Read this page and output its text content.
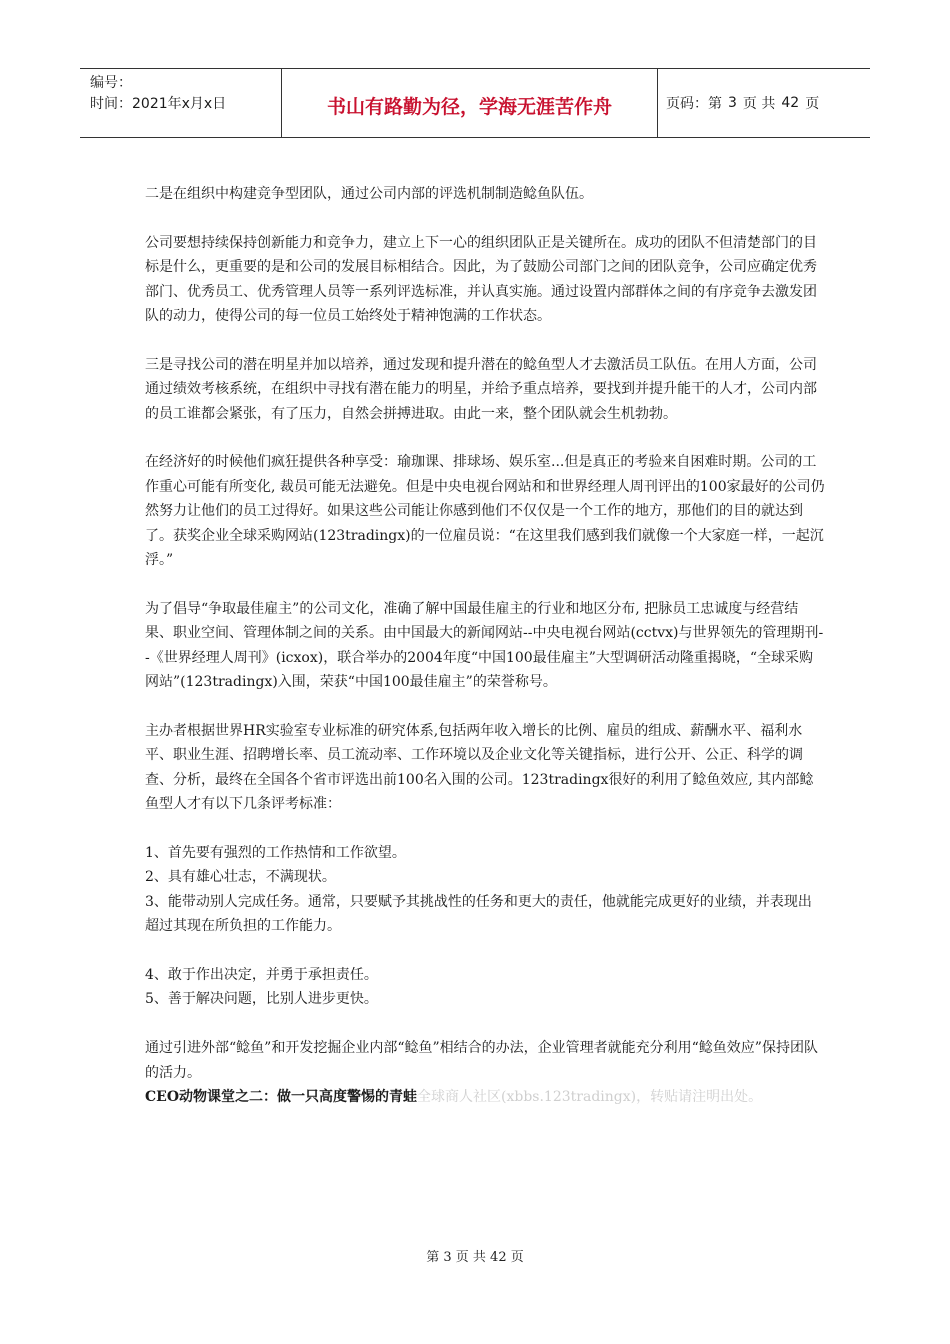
编号：
时间：2021年x月x日	书山有路勤为径，学海无涯苦作舟	页码：第 3 页 共 42 页

二是在组织中构建竞争型团队，通过公司内部的评选机制制造鲶鱼队伍。

公司要想持续保持创新能力和竞争力，建立上下一心的组织团队正是关键所在。成功的团队不但清楚部门的目标是什么，更重要的是和公司的发展目标相结合。因此，为了鼓励公司部门之间的团队竞争，公司应确定优秀部门、优秀员工、优秀管理人员等一系列评选标准，并认真实施。通过设置内部群体之间的有序竞争去激发团队的动力，使得公司的每一位员工始终处于精神饱满的工作状态。

三是寻找公司的潜在明星并加以培养，通过发现和提升潜在的鲶鱼型人才去激活员工队伍。在用人方面，公司通过绩效考核系统，在组织中寻找有潜在能力的明星，并给予重点培养，要找到并提升能干的人才，公司内部的员工谁都会紧张，有了压力，自然会拼搏进取。由此一来，整个团队就会生机勃勃。

在经济好的时候他们疯狂提供各种享受：瑜珈课、排球场、娱乐室...但是真正的考验来自困难时期。公司的工作重心可能有所变化, 裁员可能无法避免。但是中央电视台网站和和世界经理人周刊评出的100家最好的公司仍然努力让他们的员工过得好。如果这些公司能让你感到他们不仅仅是一个工作的地方，那他们的目的就达到了。获奖企业全球采购网站(123tradingx)的一位雇员说：“在这里我们感到我们就像一个大家庭一样，一起沉浮。”

为了倡导“争取最佳雇主”的公司文化，准确了解中国最佳雇主的行业和地区分布, 把脉员工忠诚度与经营结果、职业空间、管理体制之间的关系。由中国最大的新闻网站--中央电视台网站(cctvx)与世界领先的管理期刊--《世界经理人周刊》(icxox)，联合举办的2004年度“中国100最佳雇主”大型调研活动隆重揭晓，“全球采购网站”(123tradingx)入围，荣获“中国100最佳雇主”的荣誉称号。

主办者根据世界HR实验室专业标准的研究体系,包括两年收入增长的比例、雇员的组成、薪酬水平、福利水平、职业生涯、招聘增长率、员工流动率、工作环境以及企业文化等关键指标，进行公开、公正、科学的调查、分析，最终在全国各个省市评选出前100名入围的公司。123tradingx很好的利用了鲶鱼效应, 其内部鲶鱼型人才有以下几条评考标准：

1、首先要有强烈的工作热情和工作欲望。

2、具有雄心壮志，不满现状。

3、能带动别人完成任务。通常，只要赋予其挑战性的任务和更大的责任，他就能完成更好的业绩，并表现出超过其现在所负担的工作能力。

4、敢于作出决定，并勇于承担责任。

5、善于解决问题，比别人进步更快。

通过引进外部“鲶鱼”和开发挖掘企业内部“鲶鱼”相结合的办法，企业管理者就能充分利用“鲶鱼效应”保持团队的活力。

CEO动物课堂之二：做一只高度警惕的青蛙全球商人社区(xbbs.123tradingx)，转贴请注明出处。

第 3 页 共 42 页
